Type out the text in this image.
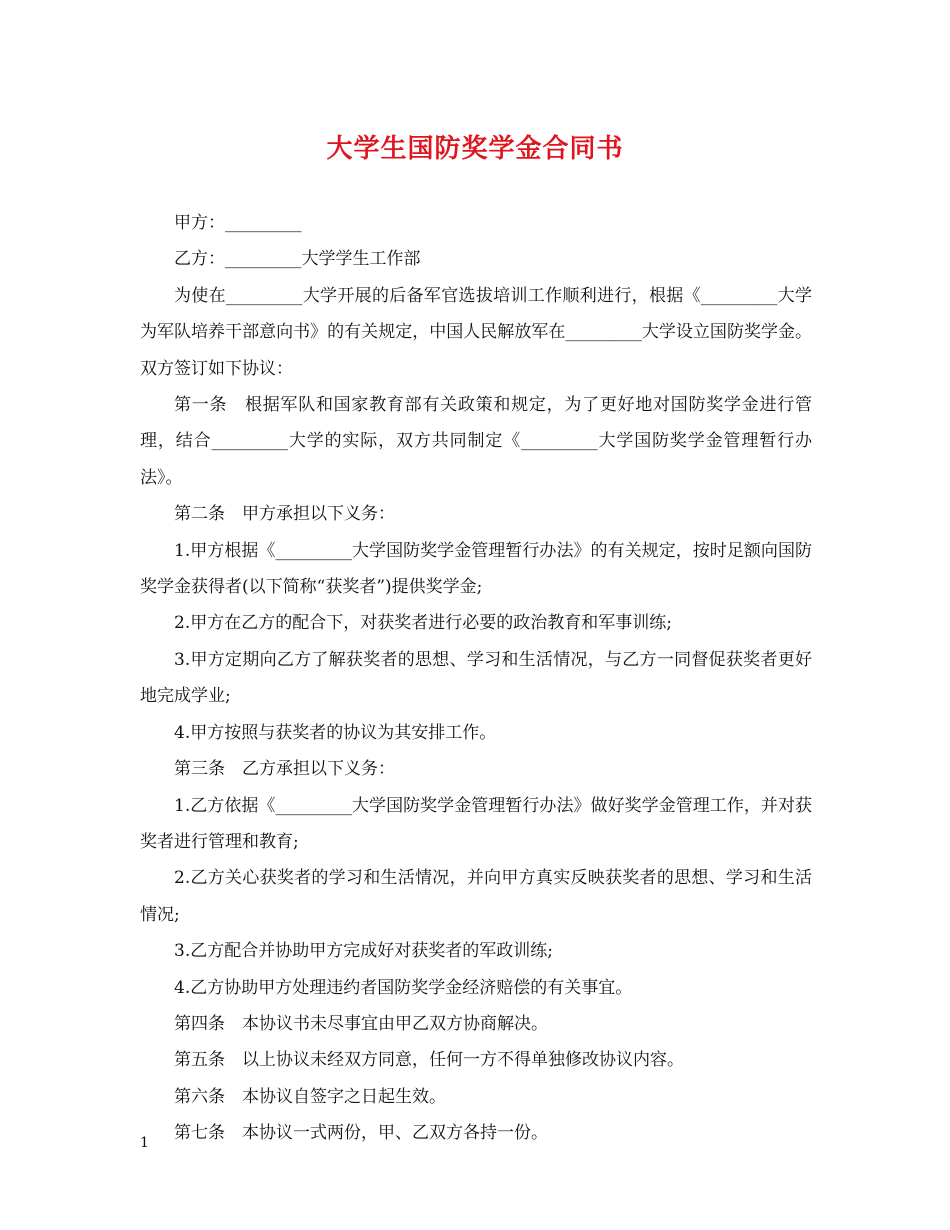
大学生国防奖学金合同书

甲方：_________

乙方：_________大学学生工作部

为使在_________大学开展的后备军官选拔培训工作顺利进行，根据《_________大学为军队培养干部意向书》的有关规定，中国人民解放军在_________大学设立国防奖学金。双方签订如下协议：

第一条　根据军队和国家教育部有关政策和规定，为了更好地对国防奖学金进行管理，结合_________大学的实际，双方共同制定《_________大学国防奖学金管理暂行办法》。

第二条　甲方承担以下义务：

1.甲方根据《_________大学国防奖学金管理暂行办法》的有关规定，按时足额向国防奖学金获得者(以下简称“获奖者”)提供奖学金;

2.甲方在乙方的配合下，对获奖者进行必要的政治教育和军事训练;

3.甲方定期向乙方了解获奖者的思想、学习和生活情况，与乙方一同督促获奖者更好地完成学业;

4.甲方按照与获奖者的协议为其安排工作。

第三条　乙方承担以下义务：

1.乙方依据《_________大学国防奖学金管理暂行办法》做好奖学金管理工作，并对获奖者进行管理和教育;

2.乙方关心获奖者的学习和生活情况，并向甲方真实反映获奖者的思想、学习和生活情况;

3.乙方配合并协助甲方完成好对获奖者的军政训练;

4.乙方协助甲方处理违约者国防奖学金经济赔偿的有关事宜。

第四条　本协议书未尽事宜由甲乙双方协商解决。

第五条　以上协议未经双方同意，任何一方不得单独修改协议内容。

第六条　本协议自签字之日起生效。

第七条　本协议一式两份，甲、乙双方各持一份。

1
